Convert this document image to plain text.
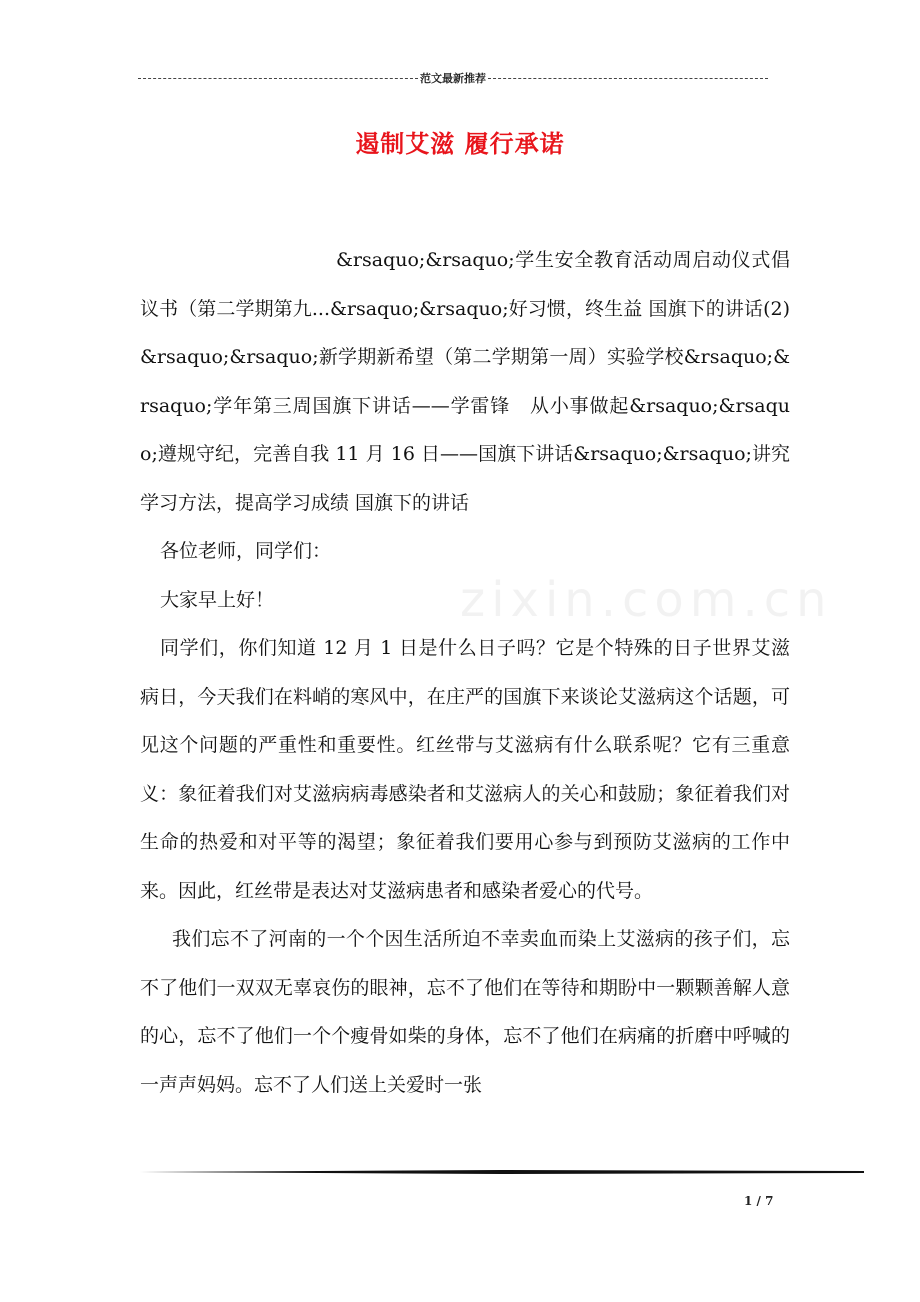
范文最新推荐
遏制艾滋 履行承诺
zixin.com.cn

&rsaquo;&rsaquo;学生安全教育活动周启动仪式倡议书（第二学期第九...&rsaquo;&rsaquo;好习惯，终生益 国旗下的讲话(2)&rsaquo;&rsaquo;新学期新希望（第二学期第一周）实验学校&rsaquo;&rsaquo;学年第三周国旗下讲话——学雷锋　从小事做起&rsaquo;&rsaquo;遵规守纪，完善自我 11 月 16 日——国旗下讲话&rsaquo;&rsaquo;讲究学习方法，提高学习成绩 国旗下的讲话

各位老师，同学们：

大家早上好！

同学们，你们知道 12 月 1 日是什么日子吗？它是个特殊的日子世界艾滋病日，今天我们在料峭的寒风中，在庄严的国旗下来谈论艾滋病这个话题，可见这个问题的严重性和重要性。红丝带与艾滋病有什么联系呢？它有三重意义：象征着我们对艾滋病病毒感染者和艾滋病人的关心和鼓励；象征着我们对生命的热爱和对平等的渴望；象征着我们要用心参与到预防艾滋病的工作中来。因此，红丝带是表达对艾滋病患者和感染者爱心的代号。

我们忘不了河南的一个个因生活所迫不幸卖血而染上艾滋病的孩子们，忘不了他们一双双无辜哀伤的眼神，忘不了他们在等待和期盼中一颗颗善解人意的心，忘不了他们一个个瘦骨如柴的身体，忘不了他们在病痛的折磨中呼喊的一声声妈妈。忘不了人们送上关爱时一张

1 / 7
